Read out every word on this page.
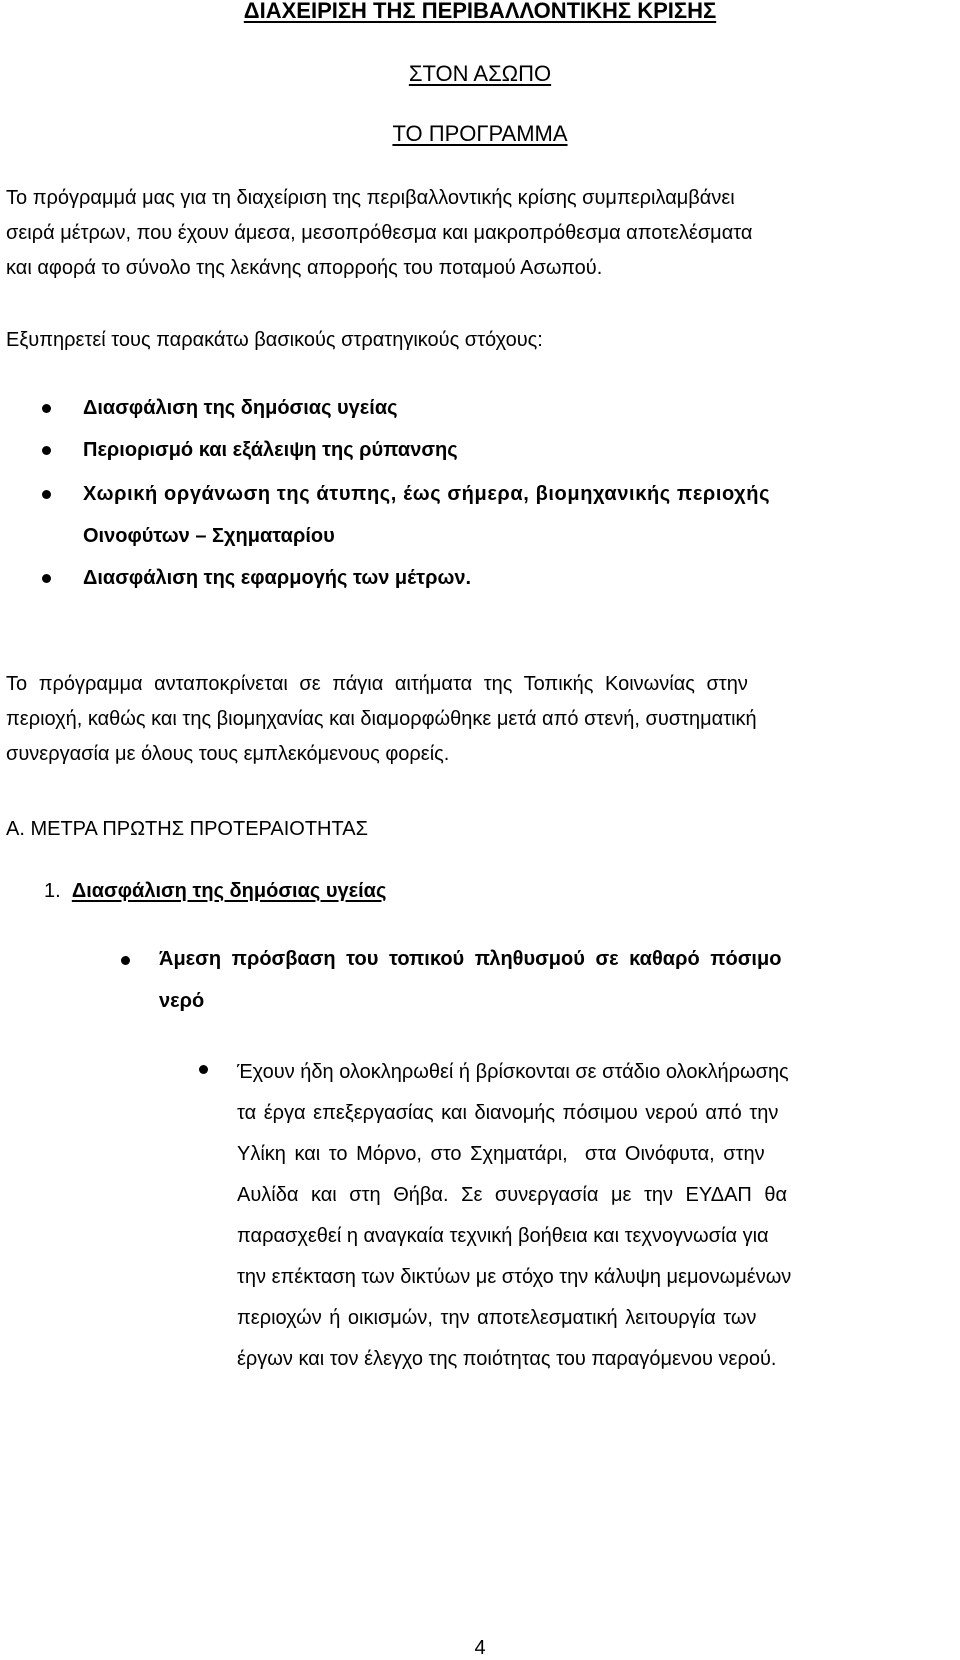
ΔΙΑΧΕΙΡΙΣΗ ΤΗΣ ΠΕΡΙΒΑΛΛΟΝΤΙΚΗΣ ΚΡΙΣΗΣ
ΣΤΟΝ ΑΣΩΠΟ
ΤΟ ΠΡΟΓΡΑΜΜΑ
Το πρόγραμμά μας για τη διαχείριση της περιβαλλοντικής κρίσης συμπεριλαμβάνει
σειρά μέτρων, που έχουν άμεσα, μεσοπρόθεσμα και μακροπρόθεσμα αποτελέσματα
και αφορά το σύνολο της λεκάνης απορροής του ποταμού Ασωπού.
Εξυπηρετεί τους παρακάτω βασικούς στρατηγικούς στόχους:
Διασφάλιση της δημόσιας υγείας
Περιορισμό και εξάλειψη της ρύπανσης
Χωρική οργάνωση της άτυπης, έως σήμερα, βιομηχανικής περιοχής
Οινοφύτων – Σχηματαρίου
Διασφάλιση της εφαρμογής των μέτρων.
Το πρόγραμμα ανταποκρίνεται σε πάγια αιτήματα της Τοπικής Κοινωνίας στην
περιοχή, καθώς και της βιομηχανίας και διαμορφώθηκε μετά από στενή, συστηματική
συνεργασία με όλους τους εμπλεκόμενους φορείς.
Α. ΜΕΤΡΑ ΠΡΩΤΗΣ ΠΡΟΤΕΡΑΙΟΤΗΤΑΣ
1. Διασφάλιση της δημόσιας υγείας
Άμεση πρόσβαση του τοπικού πληθυσμού σε καθαρό πόσιμο
νερό
Έχουν ήδη ολοκληρωθεί ή βρίσκονται σε στάδιο ολοκλήρωσης
τα έργα επεξεργασίας και διανομής πόσιμου νερού από την
Υλίκη και το Μόρνο, στο Σχηματάρι,  στα Οινόφυτα, στην
Αυλίδα και στη Θήβα. Σε συνεργασία με την ΕΥΔΑΠ θα
παρασχεθεί η αναγκαία τεχνική βοήθεια και τεχνογνωσία για
την επέκταση των δικτύων με στόχο την κάλυψη μεμονωμένων
περιοχών ή οικισμών, την αποτελεσματική λειτουργία των
έργων και τον έλεγχο της ποιότητας του παραγόμενου νερού.
4
